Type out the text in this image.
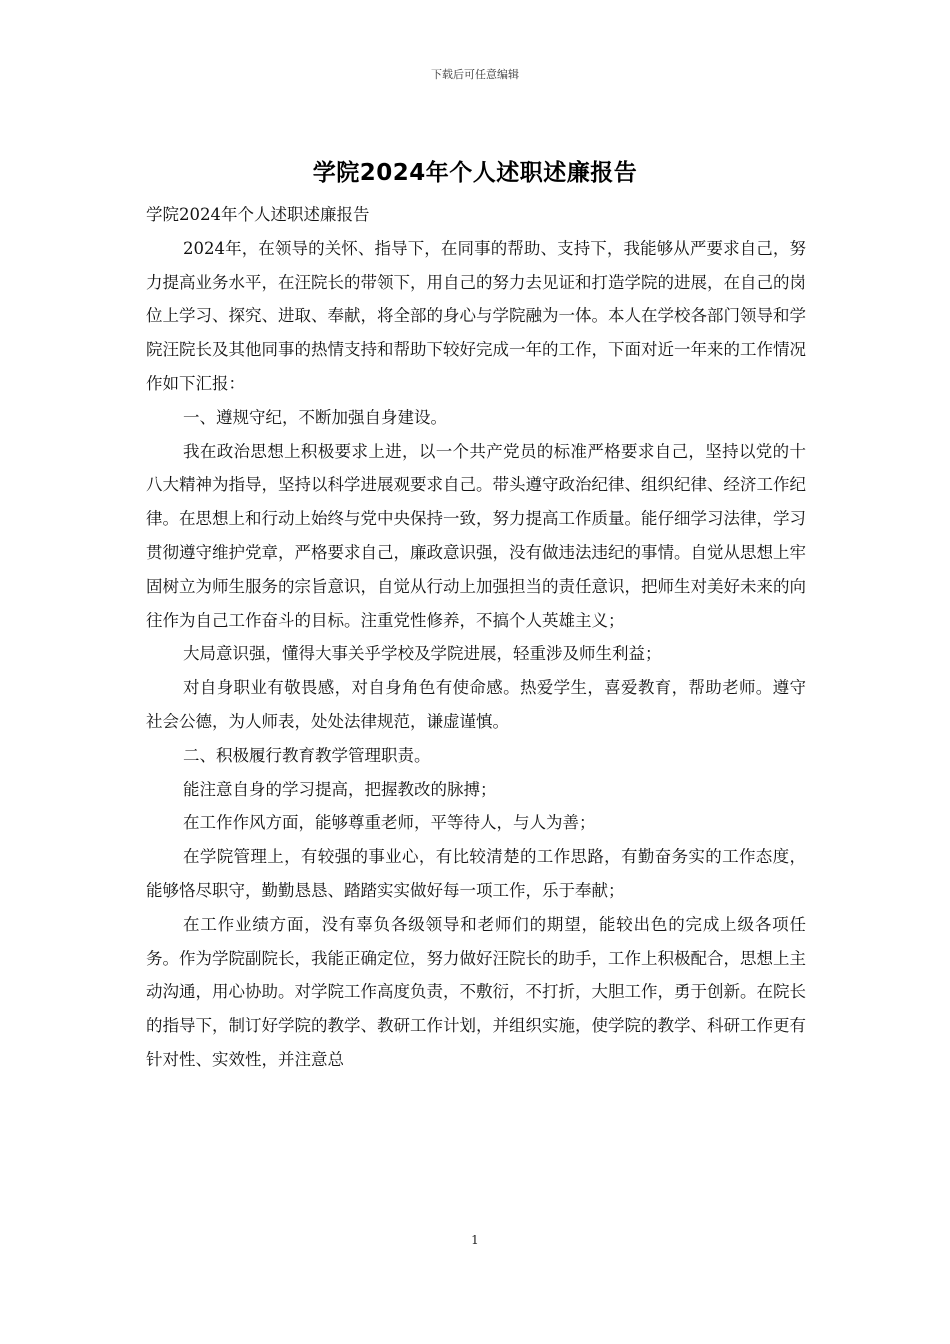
下载后可任意编辑
学院2024年个人述职述廉报告

学院2024年个人述职述廉报告

2024年，在领导的关怀、指导下，在同事的帮助、支持下，我能够从严要求自己，努力提高业务水平，在汪院长的带领下，用自己的努力去见证和打造学院的进展，在自己的岗位上学习、探究、进取、奉献，将全部的身心与学院融为一体。本人在学校各部门领导和学院汪院长及其他同事的热情支持和帮助下较好完成一年的工作，下面对近一年来的工作情况作如下汇报：

一、遵规守纪，不断加强自身建设。

我在政治思想上积极要求上进，以一个共产党员的标准严格要求自己，坚持以党的十八大精神为指导，坚持以科学进展观要求自己。带头遵守政治纪律、组织纪律、经济工作纪律。在思想上和行动上始终与党中央保持一致，努力提高工作质量。能仔细学习法律，学习贯彻遵守维护党章，严格要求自己，廉政意识强，没有做违法违纪的事情。自觉从思想上牢固树立为师生服务的宗旨意识，自觉从行动上加强担当的责任意识，把师生对美好未来的向往作为自己工作奋斗的目标。注重党性修养，不搞个人英雄主义；

大局意识强，懂得大事关乎学校及学院进展，轻重涉及师生利益；

对自身职业有敬畏感，对自身角色有使命感。热爱学生，喜爱教育，帮助老师。遵守社会公德，为人师表，处处法律规范，谦虚谨慎。

二、积极履行教育教学管理职责。

能注意自身的学习提高，把握教改的脉搏；

在工作作风方面，能够尊重老师，平等待人，与人为善；

在学院管理上，有较强的事业心，有比较清楚的工作思路，有勤奋务实的工作态度，能够恪尽职守，勤勤恳恳、踏踏实实做好每一项工作，乐于奉献；

在工作业绩方面，没有辜负各级领导和老师们的期望，能较出色的完成上级各项任务。作为学院副院长，我能正确定位，努力做好汪院长的助手，工作上积极配合，思想上主动沟通，用心协助。对学院工作高度负责，不敷衍，不打折，大胆工作，勇于创新。在院长的指导下，制订好学院的教学、教研工作计划，并组织实施，使学院的教学、科研工作更有针对性、实效性，并注意总

1
